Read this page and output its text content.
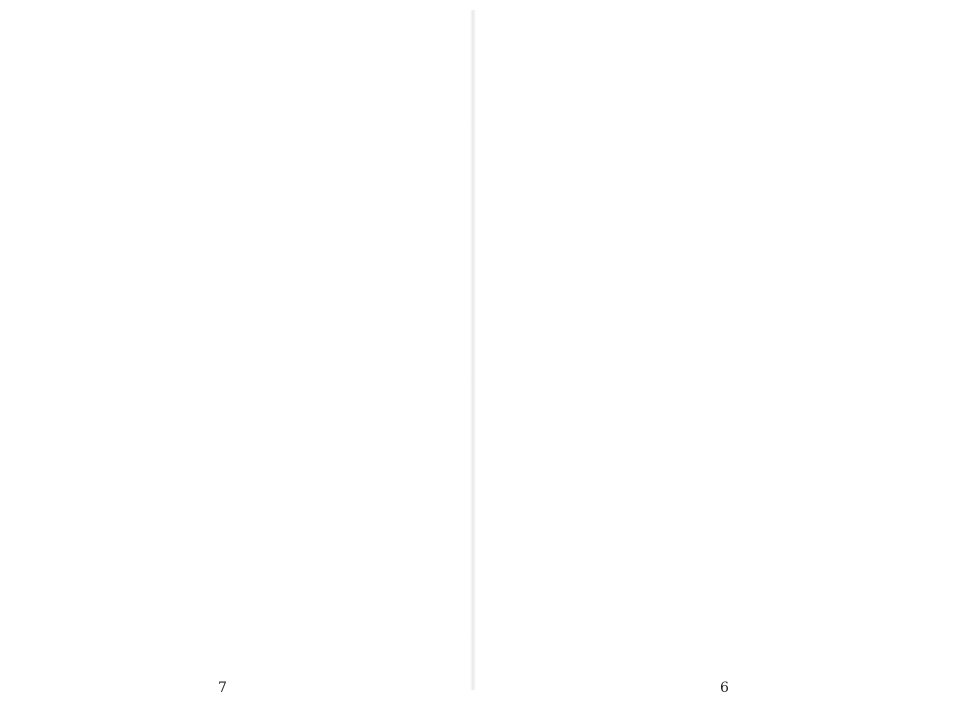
7	6
